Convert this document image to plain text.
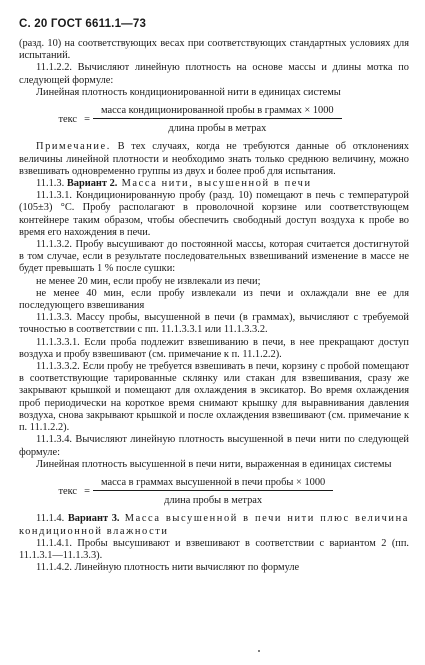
С. 20 ГОСТ 6611.1—73

(разд. 10) на соответствующих весах при соответствующих стандартных условиях для испытаний.

11.1.2.2. Вычисляют линейную плотность на основе массы и длины мотка по следующей формуле:

Линейная плотность кондиционированной нити в единицах системы

текс = $\frac{\text{масса кондиционированной пробы в граммах × 1000}}{\text{длина пробы в метрах}}$

Примечание. В тех случаях, когда не требуются данные об отклонениях величины линейной плотности и необходимо знать только среднюю величину, можно взвешивать одновременно группы из двух и более проб для испытания.

11.1.3. Вариант 2. Масса нити, высушенной в печи

11.1.3.1. Кондиционированную пробу (разд. 10) помещают в печь с температурой (105±3) °С. Пробу располагают в проволочной корзине или соответствующем контейнере таким образом, чтобы обеспечить свободный доступ воздуха к пробе во время его нахождения в печи.

11.1.3.2. Пробу высушивают до постоянной массы, которая считается достигнутой в том случае, если в результате последовательных взвешиваний изменение в массе не будет превышать 1 % после сушки:

не менее 20 мин, если пробу не извлекали из печи;

не менее 40 мин, если пробу извлекали из печи и охлаждали вне ее для последующего взвешивания

11.1.3.3. Массу пробы, высушенной в печи (в граммах), вычисляют с требуемой точностью в соответствии с пп. 11.1.3.3.1 или 11.1.3.3.2.

11.1.3.3.1. Если проба подлежит взвешиванию в печи, в нее прекращают доступ воздуха и пробу взвешивают (см. примечание к п. 11.1.2.2).

11.1.3.3.2. Если пробу не требуется взвешивать в печи, корзину с пробой помещают в соответствующие тарированные склянку или стакан для взвешивания, сразу же закрывают крышкой и помещают для охлаждения в эксикатор. Во время охлаждения проб периодически на короткое время снимают крышку для выравнивания давления воздуха, снова закрывают крышкой и после охлаждения взвешивают (см. примечание к п. 11.1.2.2).

11.1.3.4. Вычисляют линейную плотность высушенной в печи нити по следующей формуле:

Линейная плотность высушенной в печи нити, выраженная в единицах системы

текс = $\frac{\text{масса в граммах высушенной в печи пробы × 1000}}{\text{длина пробы в метрах}}$

11.1.4. Вариант 3. Масса высушенной в печи нити плюс величина кондиционной влажности

11.1.4.1. Пробы высушивают и взвешивают в соответствии с вариантом 2 (пп. 11.1.3.1—11.1.3.3).

11.1.4.2. Линейную плотность нити вычисляют по формуле
